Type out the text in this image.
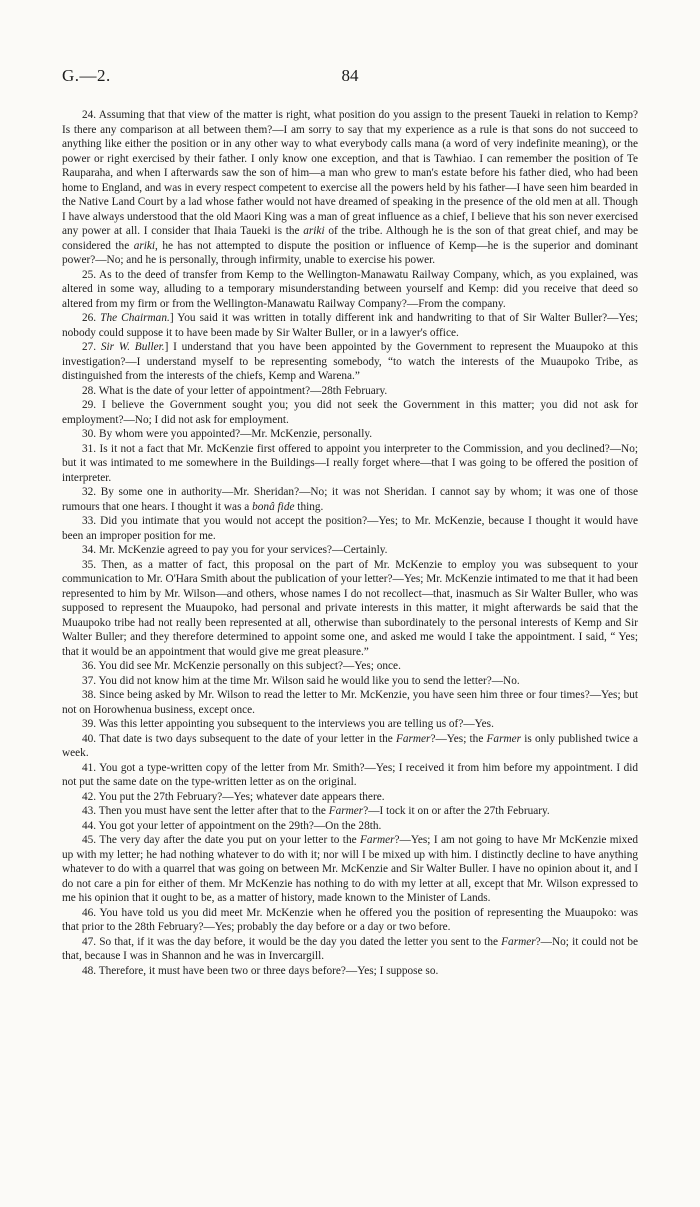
G.—2.	84

24. Assuming that that view of the matter is right, what position do you assign to the present Taueki in relation to Kemp? Is there any comparison at all between them?—I am sorry to say that my experience as a rule is that sons do not succeed to anything like either the position or in any other way to what everybody calls mana (a word of very indefinite meaning), or the power or right exercised by their father. I only know one exception, and that is Tawhiao. I can remember the position of Te Rauparaha, and when I afterwards saw the son of him—a man who grew to man's estate before his father died, who had been home to England, and was in every respect competent to exercise all the powers held by his father—I have seen him bearded in the Native Land Court by a lad whose father would not have dreamed of speaking in the presence of the old men at all. Though I have always understood that the old Maori King was a man of great influence as a chief, I believe that his son never exercised any power at all. I consider that Ihaia Taueki is the ariki of the tribe. Although he is the son of that great chief, and may be considered the ariki, he has not attempted to dispute the position or influence of Kemp—he is the superior and dominant power?—No; and he is personally, through infirmity, unable to exercise his power.

25. As to the deed of transfer from Kemp to the Wellington-Manawatu Railway Company, which, as you explained, was altered in some way, alluding to a temporary misunderstanding between yourself and Kemp: did you receive that deed so altered from my firm or from the Wellington-Manawatu Railway Company?—From the company.

26. The Chairman.] You said it was written in totally different ink and handwriting to that of Sir Walter Buller?—Yes; nobody could suppose it to have been made by Sir Walter Buller, or in a lawyer's office.

27. Sir W. Buller.] I understand that you have been appointed by the Government to represent the Muaupoko at this investigation?—I understand myself to be representing somebody, “to watch the interests of the Muaupoko Tribe, as distinguished from the interests of the chiefs, Kemp and Warena.”

28. What is the date of your letter of appointment?—28th February.

29. I believe the Government sought you; you did not seek the Government in this matter; you did not ask for employment?—No; I did not ask for employment.

30. By whom were you appointed?—Mr. McKenzie, personally.

31. Is it not a fact that Mr. McKenzie first offered to appoint you interpreter to the Commission, and you declined?—No; but it was intimated to me somewhere in the Buildings—I really forget where—that I was going to be offered the position of interpreter.

32. By some one in authority—Mr. Sheridan?—No; it was not Sheridan. I cannot say by whom; it was one of those rumours that one hears. I thought it was a bonâ fide thing.

33. Did you intimate that you would not accept the position?—Yes; to Mr. McKenzie, because I thought it would have been an improper position for me.

34. Mr. McKenzie agreed to pay you for your services?—Certainly.

35. Then, as a matter of fact, this proposal on the part of Mr. McKenzie to employ you was subsequent to your communication to Mr. O'Hara Smith about the publication of your letter?—Yes; Mr. McKenzie intimated to me that it had been represented to him by Mr. Wilson—and others, whose names I do not recollect—that, inasmuch as Sir Walter Buller, who was supposed to represent the Muaupoko, had personal and private interests in this matter, it might afterwards be said that the Muaupoko tribe had not really been represented at all, otherwise than subordinately to the personal interests of Kemp and Sir Walter Buller; and they therefore determined to appoint some one, and asked me would I take the appointment. I said, “ Yes; that it would be an appointment that would give me great pleasure.”

36. You did see Mr. McKenzie personally on this subject?—Yes; once.

37. You did not know him at the time Mr. Wilson said he would like you to send the letter?—No.

38. Since being asked by Mr. Wilson to read the letter to Mr. McKenzie, you have seen him three or four times?—Yes; but not on Horowhenua business, except once.

39. Was this letter appointing you subsequent to the interviews you are telling us of?—Yes.

40. That date is two days subsequent to the date of your letter in the Farmer?—Yes; the Farmer is only published twice a week.

41. You got a type-written copy of the letter from Mr. Smith?—Yes; I received it from him before my appointment. I did not put the same date on the type-written letter as on the original.

42. You put the 27th February?—Yes; whatever date appears there.

43. Then you must have sent the letter after that to the Farmer?—I tock it on or after the 27th February.

44. You got your letter of appointment on the 29th?—On the 28th.

45. The very day after the date you put on your letter to the Farmer?—Yes; I am not going to have Mr McKenzie mixed up with my letter; he had nothing whatever to do with it; nor will I be mixed up with him. I distinctly decline to have anything whatever to do with a quarrel that was going on between Mr. McKenzie and Sir Walter Buller. I have no opinion about it, and I do not care a pin for either of them. Mr McKenzie has nothing to do with my letter at all, except that Mr. Wilson expressed to me his opinion that it ought to be, as a matter of history, made known to the Minister of Lands.

46. You have told us you did meet Mr. McKenzie when he offered you the position of representing the Muaupoko: was that prior to the 28th February?—Yes; probably the day before or a day or two before.

47. So that, if it was the day before, it would be the day you dated the letter you sent to the Farmer?—No; it could not be that, because I was in Shannon and he was in Invercargill.

48. Therefore, it must have been two or three days before?—Yes; I suppose so.
